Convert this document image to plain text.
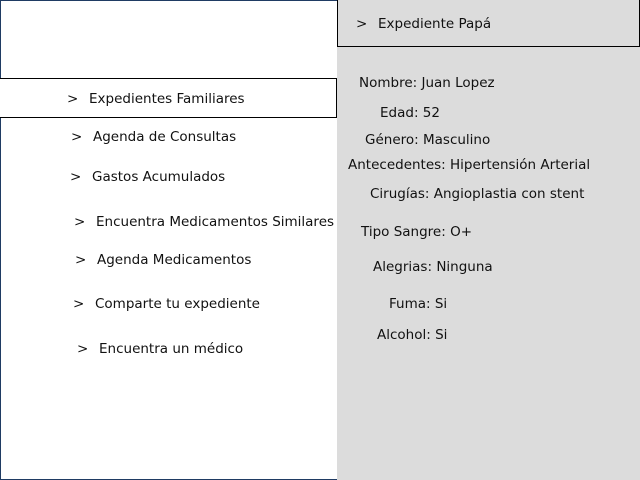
> Expediente Papá
Nombre: Juan Lopez
Edad: 52
Género: Masculino
Antecedentes: Hipertensión Arterial
Cirugías: Angioplastia con stent
Tipo Sangre: O+
Alegrias: Ninguna
Fuma: Si
Alcohol: Si
> Expedientes Familiares
> Agenda de Consultas
> Gastos Acumulados
> Encuentra Medicamentos Similares
> Agenda Medicamentos
> Comparte tu expediente
> Encuentra un médico
